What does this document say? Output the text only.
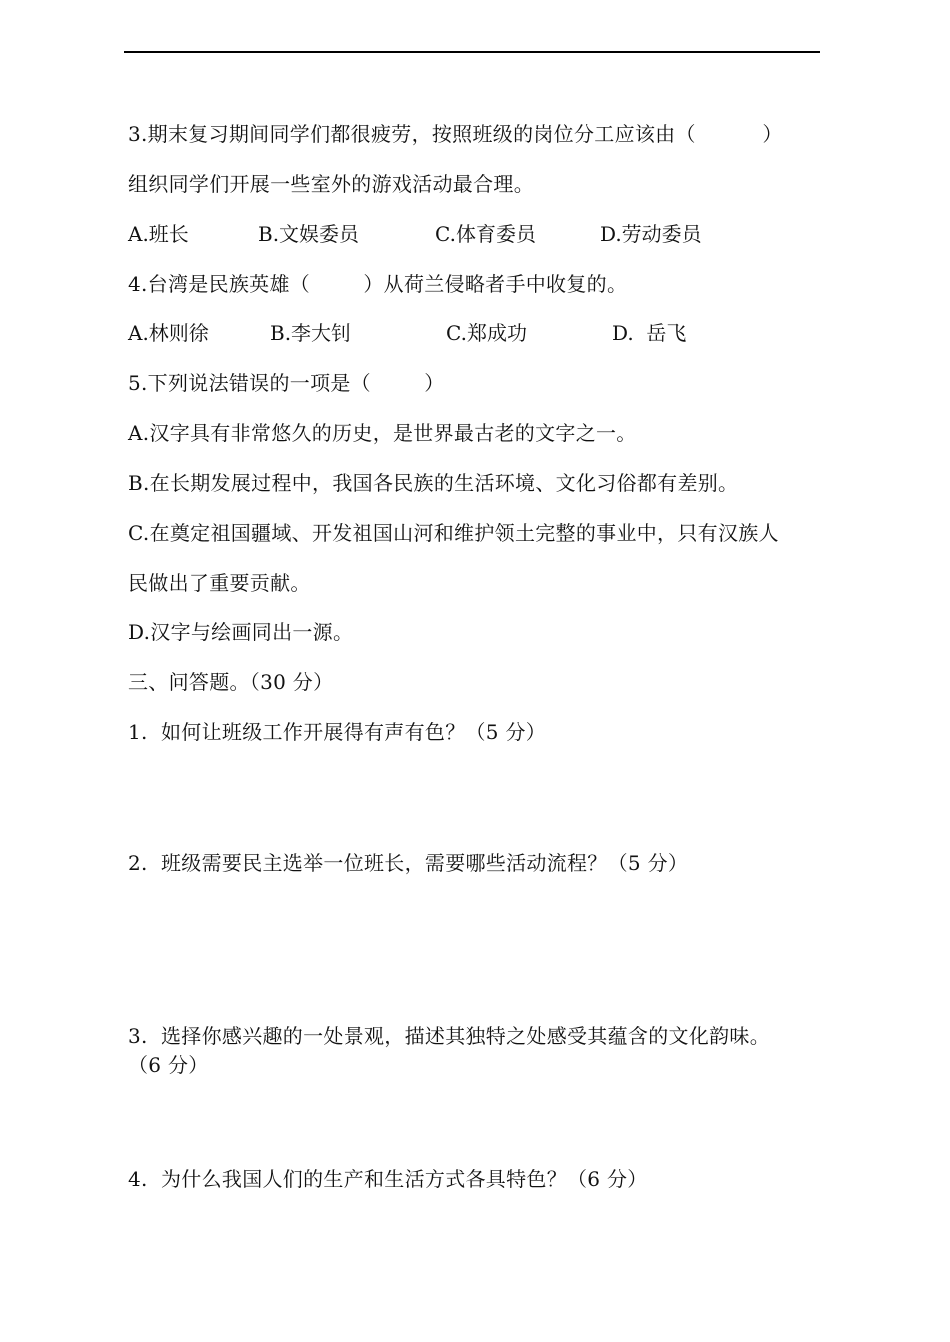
3.期末复习期间同学们都很疲劳，按照班级的岗位分工应该由（          ）
组织同学们开展一些室外的游戏活动最合理。

A.班长

	B.文娱委员

	C.体育委员

	D.劳动委员

4.台湾是民族英雄（        ）从荷兰侵略者手中收复的。

A.林则徐

	B.李大钊

	C.郑成功

	D.  岳飞

5.下列说法错误的一项是（        ）
A.汉字具有非常悠久的历史，是世界最古老的文字之一。
B.在长期发展过程中，我国各民族的生活环境、文化习俗都有差别。
C.在奠定祖国疆域、开发祖国山河和维护领土完整的事业中，只有汉族人
民做出了重要贡献。
D.汉字与绘画同出一源。
三、问答题。（30 分）
1.  如何让班级工作开展得有声有色？（5 分）
2.  班级需要民主选举一位班长，需要哪些活动流程？（5 分）
3.  选择你感兴趣的一处景观，描述其独特之处感受其蕴含的文化韵味。
（6 分）
4.  为什么我国人们的生产和生活方式各具特色？（6 分）
